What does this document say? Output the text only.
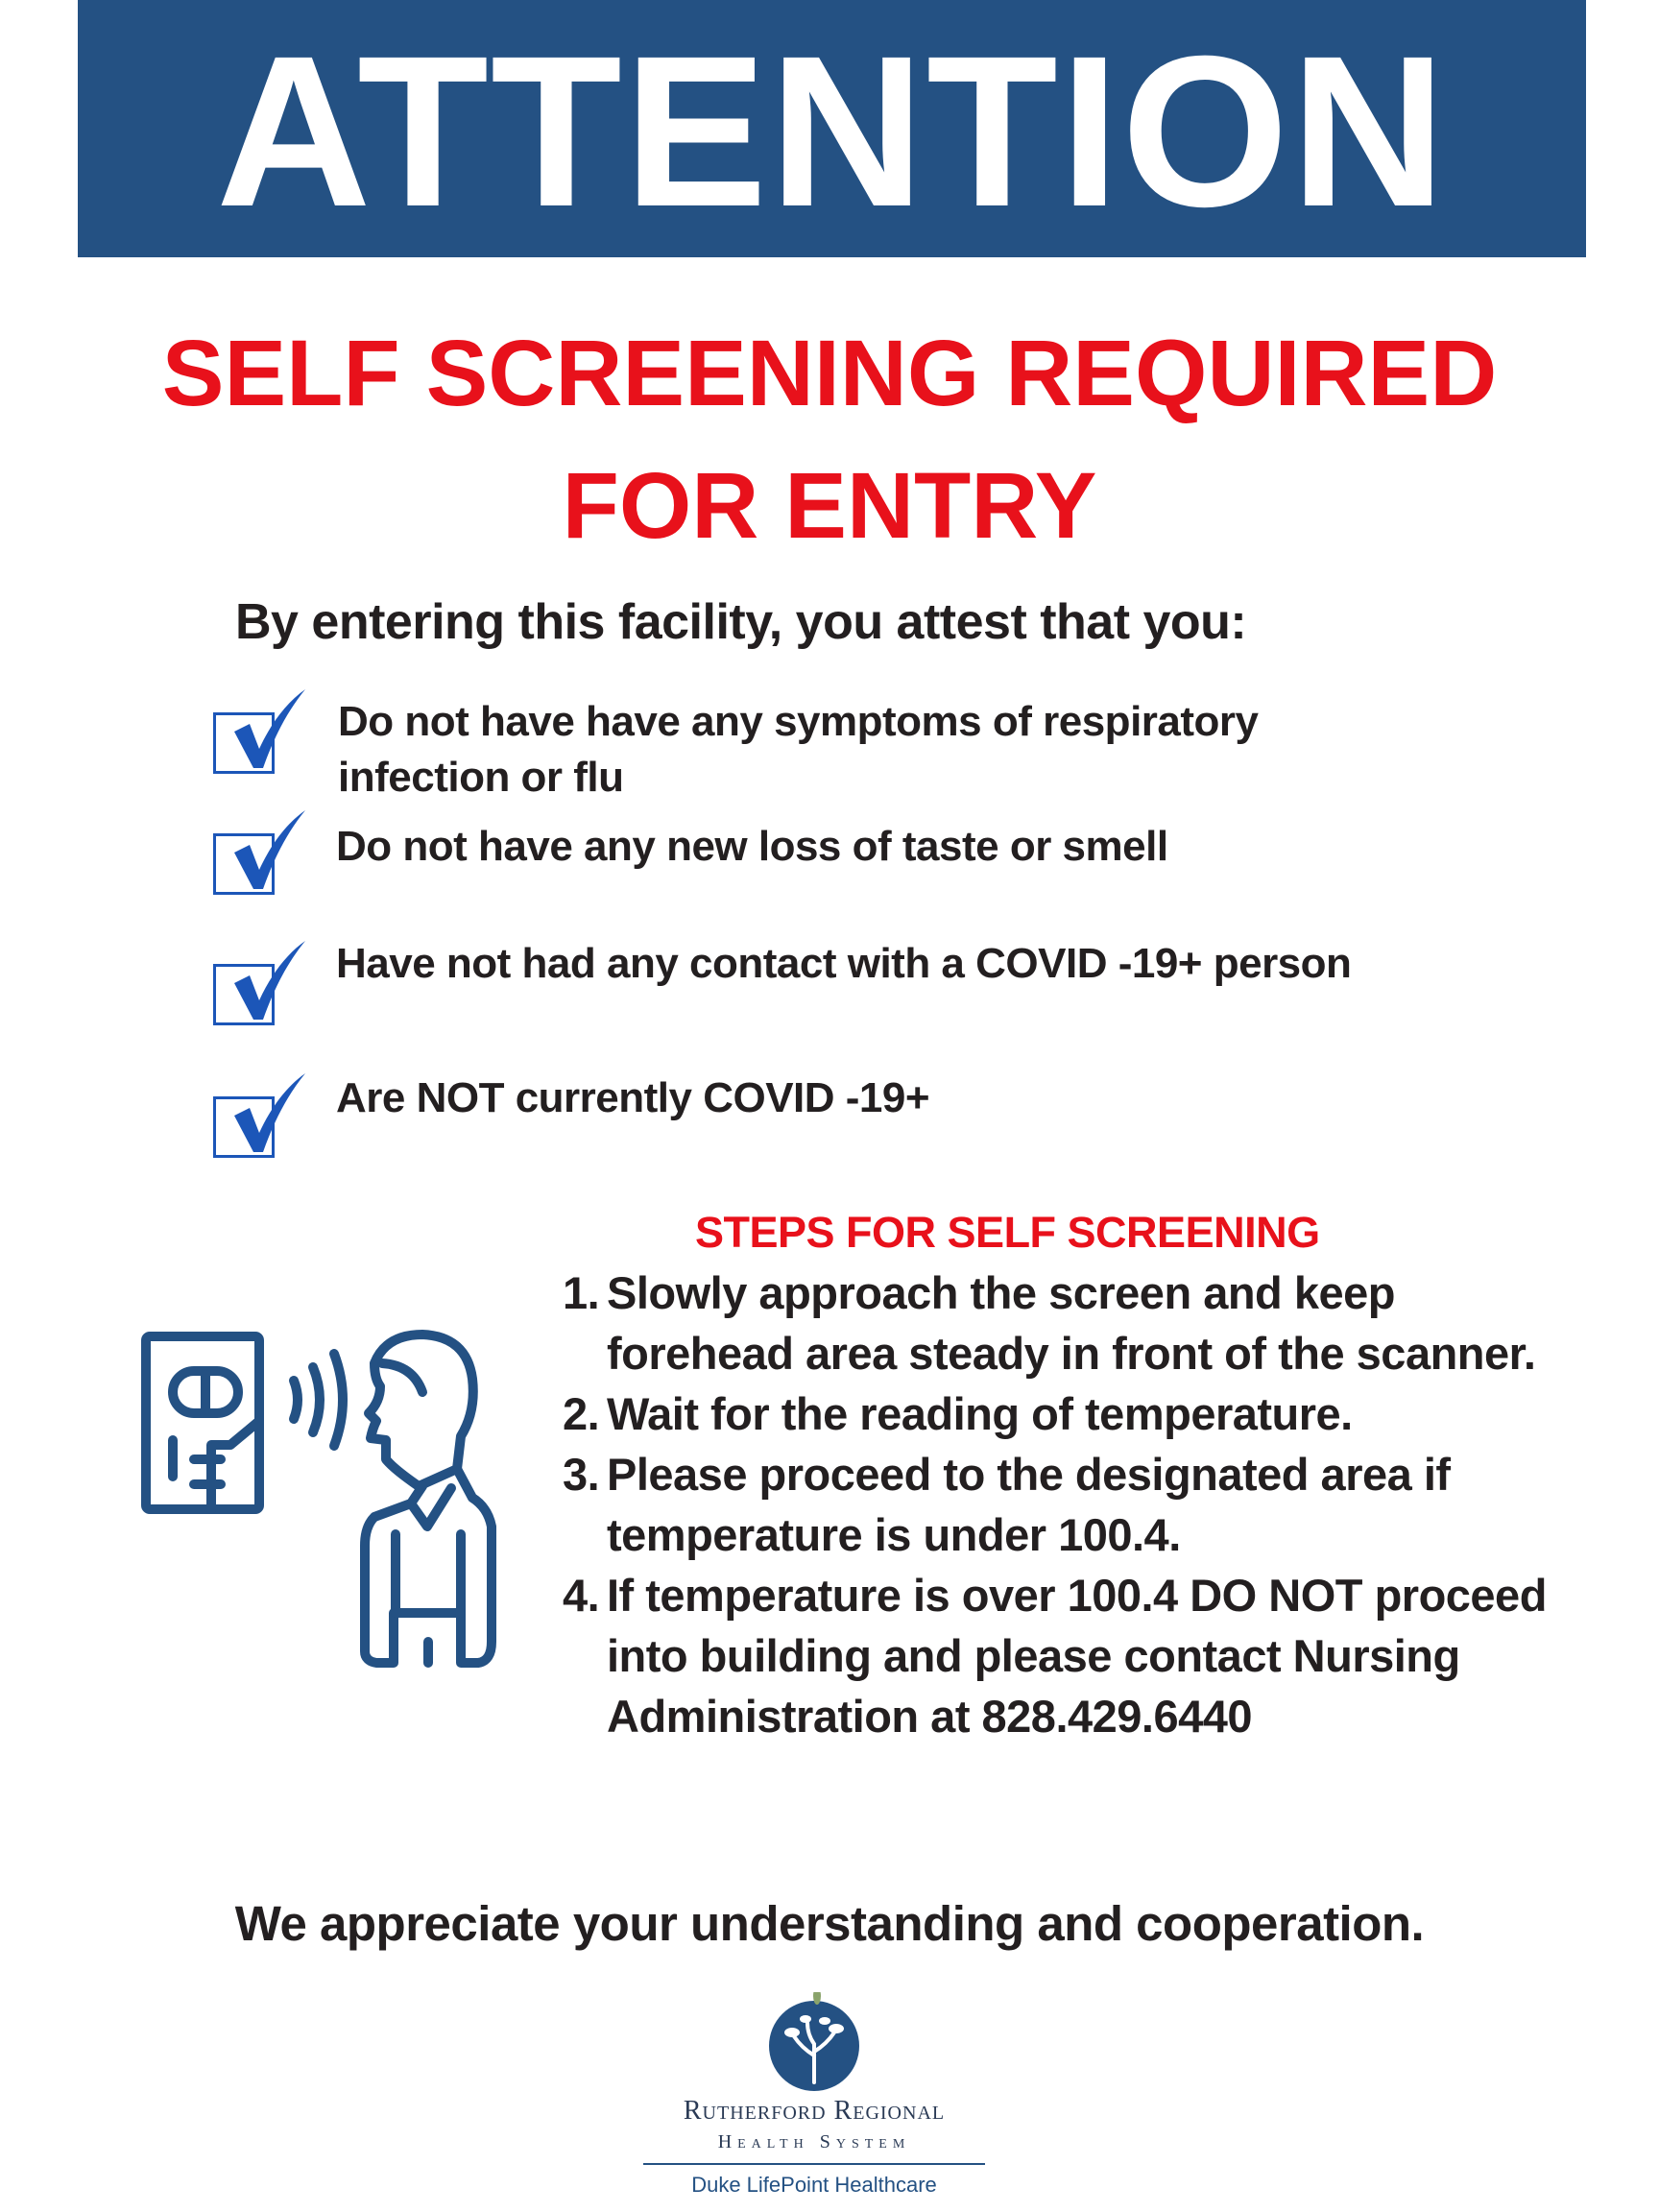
ATTENTION
SELF SCREENING REQUIRED
FOR ENTRY
By entering this facility, you attest that you:
Do not have have any symptoms of respiratory
infection or flu
Do not have any new loss of taste or smell
Have not had any contact with a COVID -19+ person
Are NOT currently COVID -19+
STEPS FOR SELF SCREENING
1. Slowly approach the screen and keep forehead area steady in front of the scanner.
2. Wait for the reading of temperature.
3. Please proceed to the designated area if temperature is under 100.4.
4. If temperature is over 100.4 DO NOT proceed into building and please contact Nursing Administration at 828.429.6440
We appreciate your understanding and cooperation.
Rutherford Regional
Health System
Duke LifePoint Healthcare
